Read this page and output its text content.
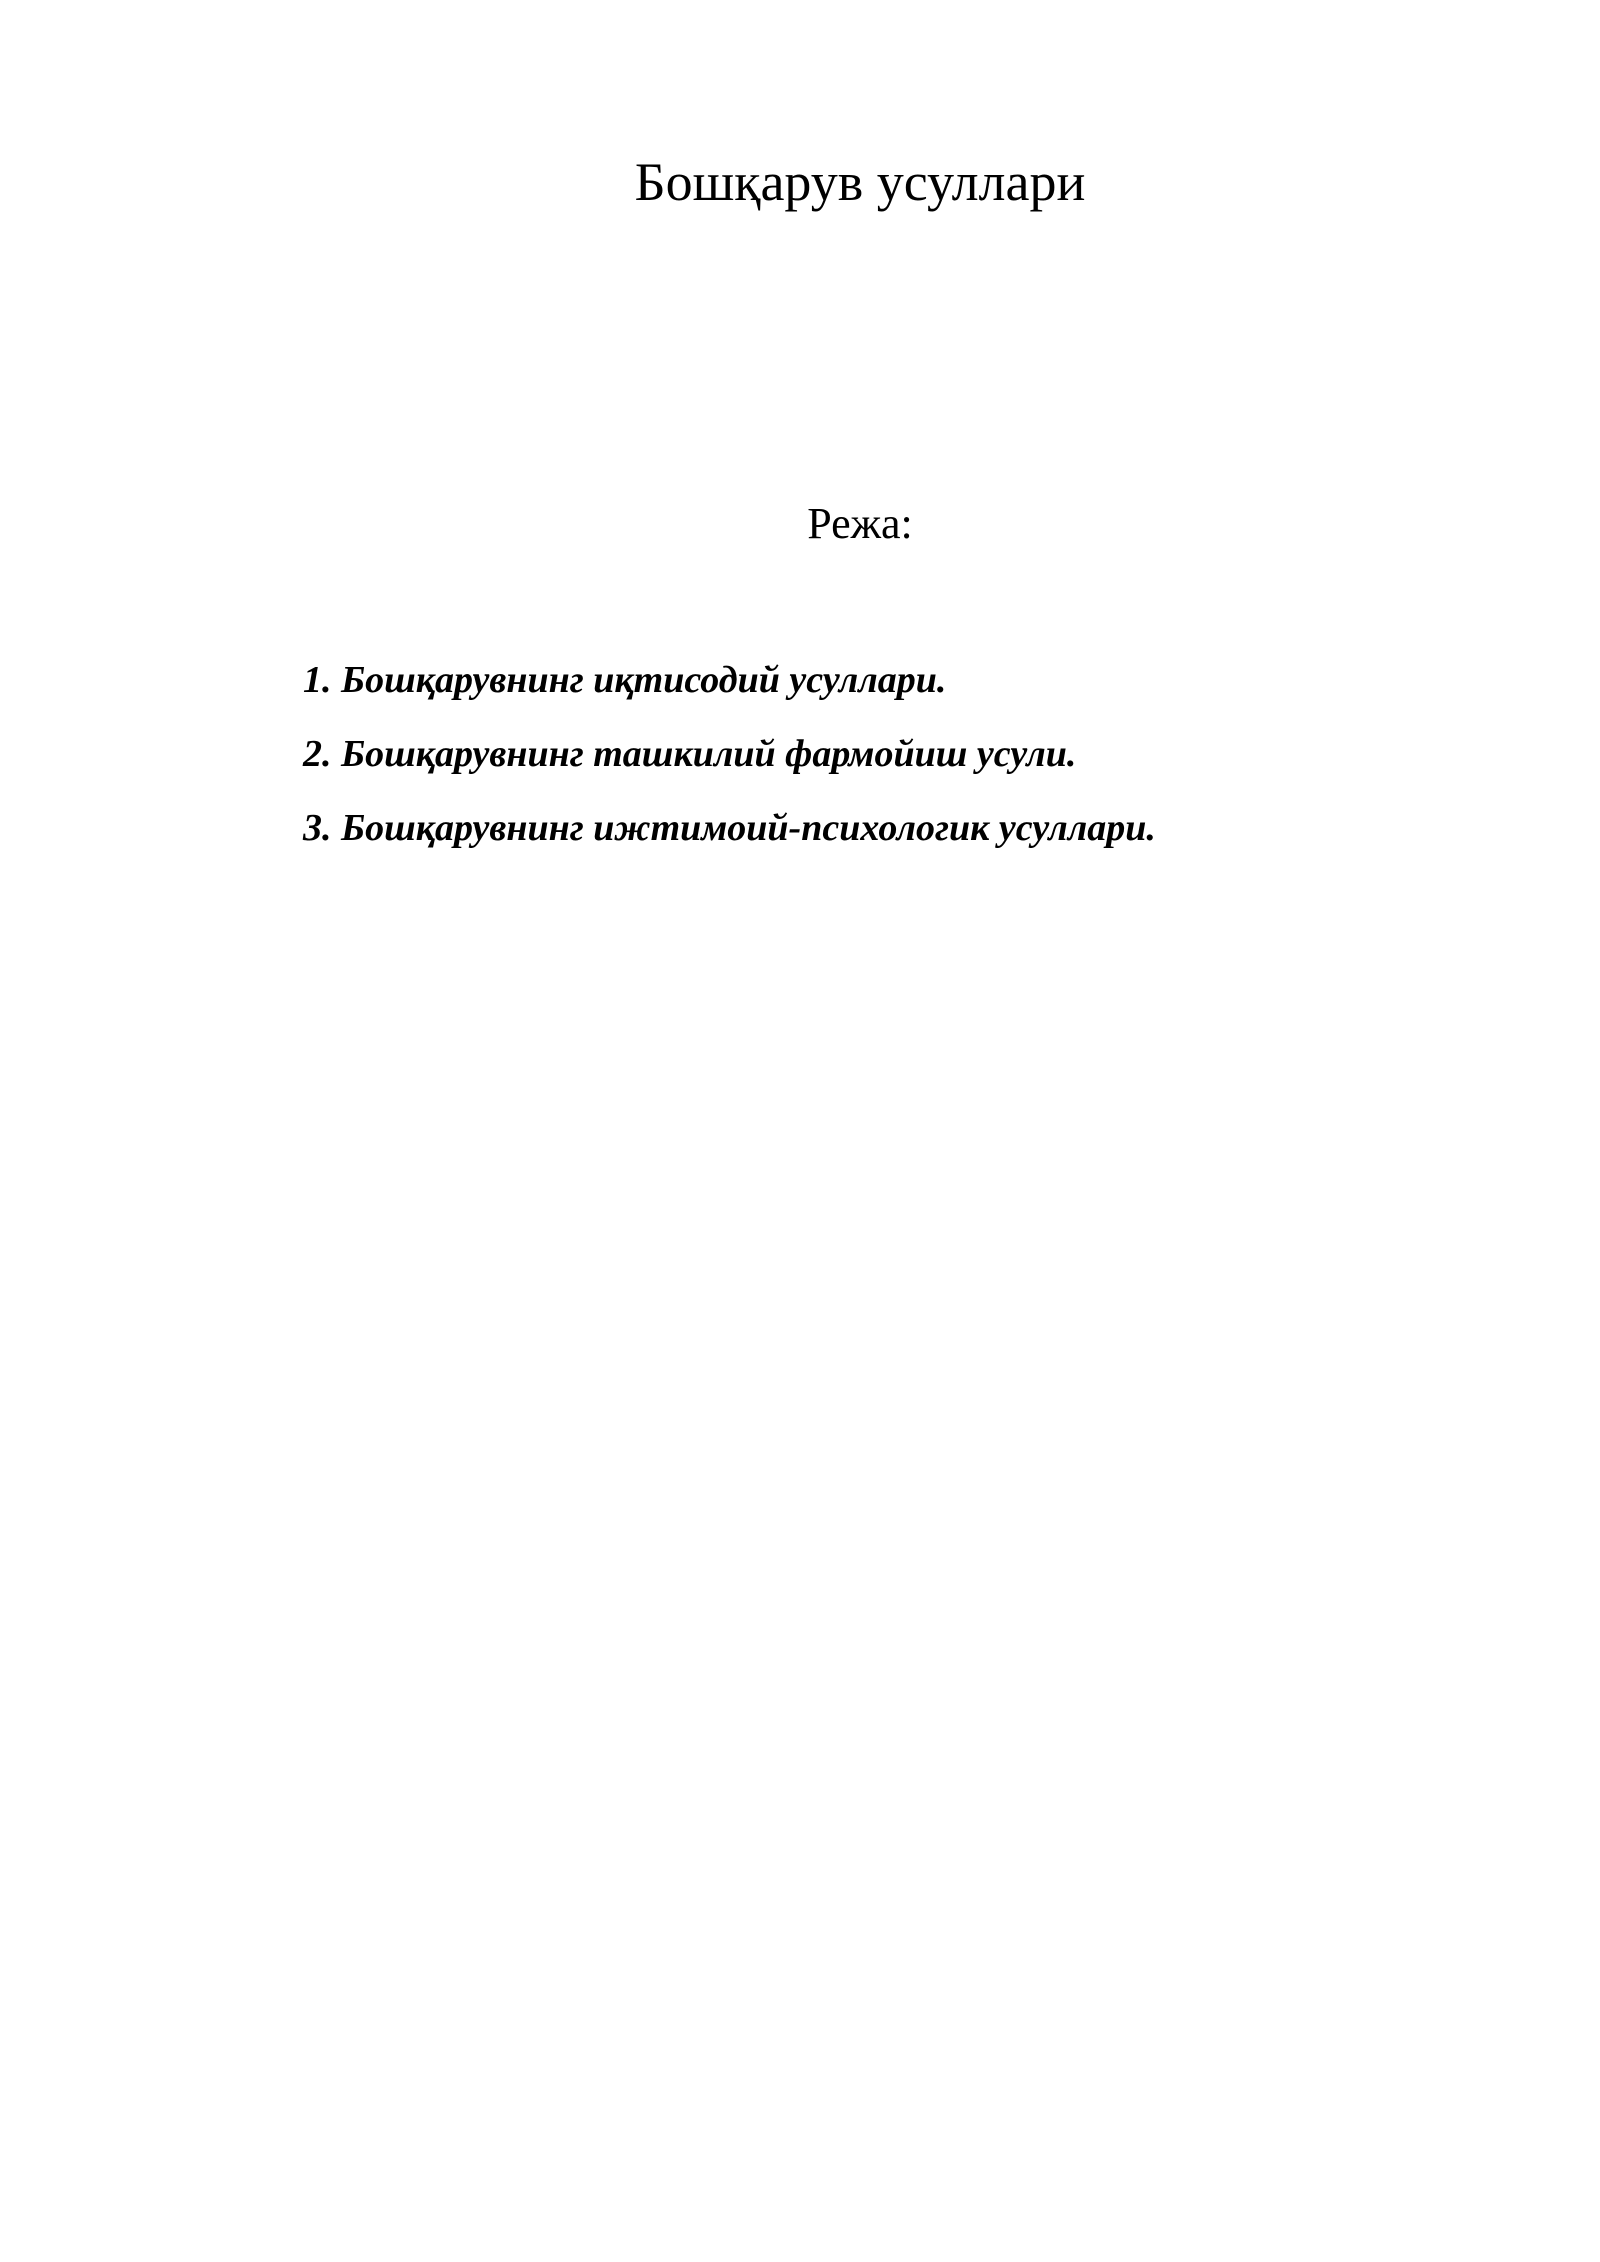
Бошқарув усуллари
Режа:
1. Бошқарувнинг иқтисодий усуллари.
2. Бошқарувнинг ташкилий фармойиш усули.
3. Бошқарувнинг ижтимоий-психологик усуллари.
